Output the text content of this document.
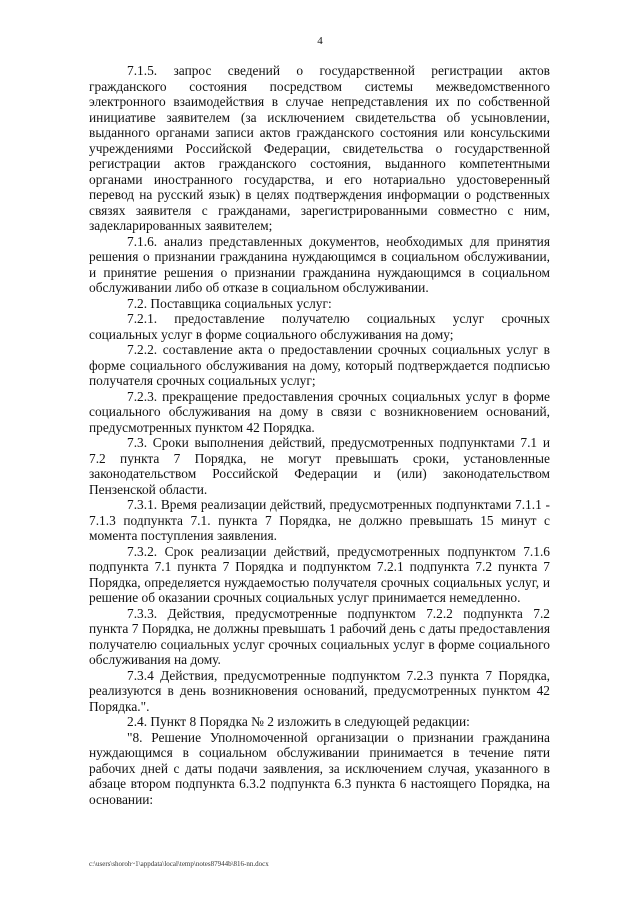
4

7.1.5. запрос сведений о государственной регистрации актов гражданского состояния посредством системы межведомственного электронного взаимодействия в случае непредставления их по собственной инициативе заявителем (за исключением свидетельства об усыновлении, выданного органами записи актов гражданского состояния или консульскими учреждениями Российской Федерации, свидетельства о государственной регистрации актов гражданского состояния, выданного компетентными органами иностранного государства, и его нотариально удостоверенный перевод на русский язык) в целях подтверждения информации о родственных связях заявителя с гражданами, зарегистрированными совместно с ним, задекларированных заявителем;

7.1.6. анализ представленных документов, необходимых для принятия решения о признании гражданина нуждающимся в социальном обслуживании, и принятие решения о признании гражданина нуждающимся в социальном обслуживании либо об отказе в социальном обслуживании.

7.2. Поставщика социальных услуг:

7.2.1. предоставление получателю социальных услуг срочных социальных услуг в форме социального обслуживания на дому;

7.2.2. составление акта о предоставлении срочных социальных услуг в форме социального обслуживания на дому, который подтверждается подписью получателя срочных социальных услуг;

7.2.3. прекращение предоставления срочных социальных услуг в форме социального обслуживания на дому в связи с возникновением оснований, предусмотренных пунктом 42 Порядка.

7.3. Сроки выполнения действий, предусмотренных подпунктами 7.1 и 7.2 пункта 7 Порядка, не могут превышать сроки, установленные законодательством Российской Федерации и (или) законодательством Пензенской области.

7.3.1. Время реализации действий, предусмотренных подпунктами 7.1.1 - 7.1.3 подпункта 7.1. пункта 7 Порядка, не должно превышать 15 минут с момента поступления заявления.

7.3.2. Срок реализации действий, предусмотренных подпунктом 7.1.6 подпункта 7.1 пункта 7 Порядка и подпунктом 7.2.1 подпункта 7.2 пункта 7 Порядка, определяется нуждаемостью получателя срочных социальных услуг, и решение об оказании срочных социальных услуг принимается немедленно.

7.3.3. Действия, предусмотренные подпунктом 7.2.2 подпункта 7.2 пункта 7 Порядка, не должны превышать 1 рабочий день с даты предоставления получателю социальных услуг срочных социальных услуг в форме социального обслуживания на дому.

7.3.4 Действия, предусмотренные подпунктом 7.2.3 пункта 7 Порядка, реализуются в день возникновения оснований, предусмотренных пунктом 42 Порядка.".

2.4. Пункт 8 Порядка № 2 изложить в следующей редакции:

"8. Решение Уполномоченной организации о признании гражданина нуждающимся в социальном обслуживании принимается в течение пяти рабочих дней с даты подачи заявления, за исключением случая, указанного в абзаце втором подпункта 6.3.2 подпункта 6.3 пункта 6 настоящего Порядка, на основании:

c:\users\shoroh~1\appdata\local\temp\notes87944b\816-nn.docx
